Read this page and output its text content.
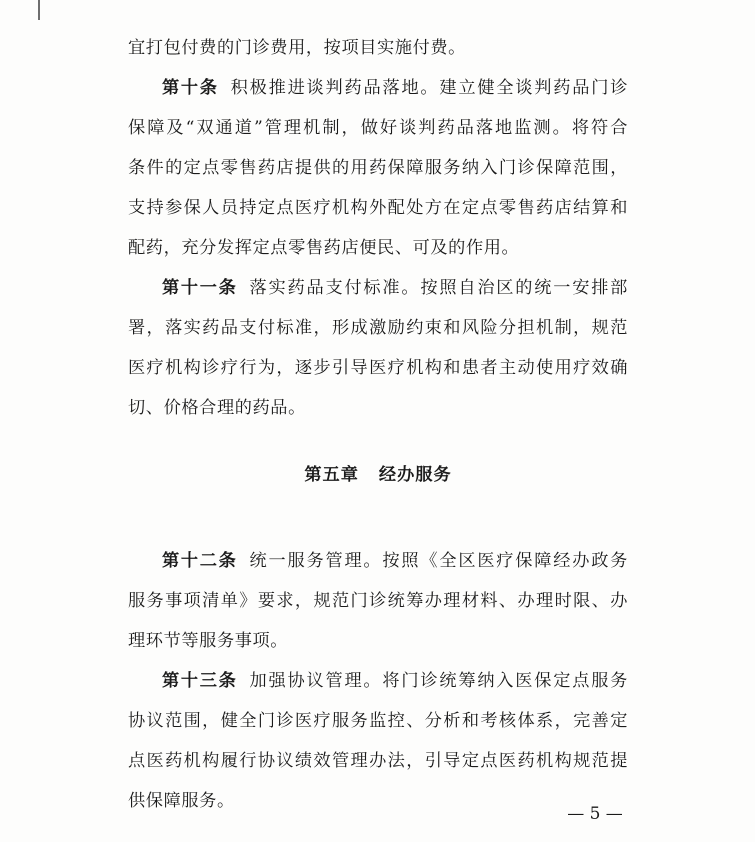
宜打包付费的门诊费用，按项目实施付费。
第十条 积极推进谈判药品落地。建立健全谈判药品门诊
保障及“双通道”管理机制，做好谈判药品落地监测。将符合
条件的定点零售药店提供的用药保障服务纳入门诊保障范围，
支持参保人员持定点医疗机构外配处方在定点零售药店结算和
配药，充分发挥定点零售药店便民、可及的作用。
第十一条 落实药品支付标准。按照自治区的统一安排部
署，落实药品支付标准，形成激励约束和风险分担机制，规范
医疗机构诊疗行为，逐步引导医疗机构和患者主动使用疗效确
切、价格合理的药品。
第五章 经办服务
第十二条 统一服务管理。按照《全区医疗保障经办政务
服务事项清单》要求，规范门诊统筹办理材料、办理时限、办
理环节等服务事项。
第十三条 加强协议管理。将门诊统筹纳入医保定点服务
协议范围，健全门诊医疗服务监控、分析和考核体系，完善定
点医药机构履行协议绩效管理办法，引导定点医药机构规范提
供保障服务。
— 5 —
